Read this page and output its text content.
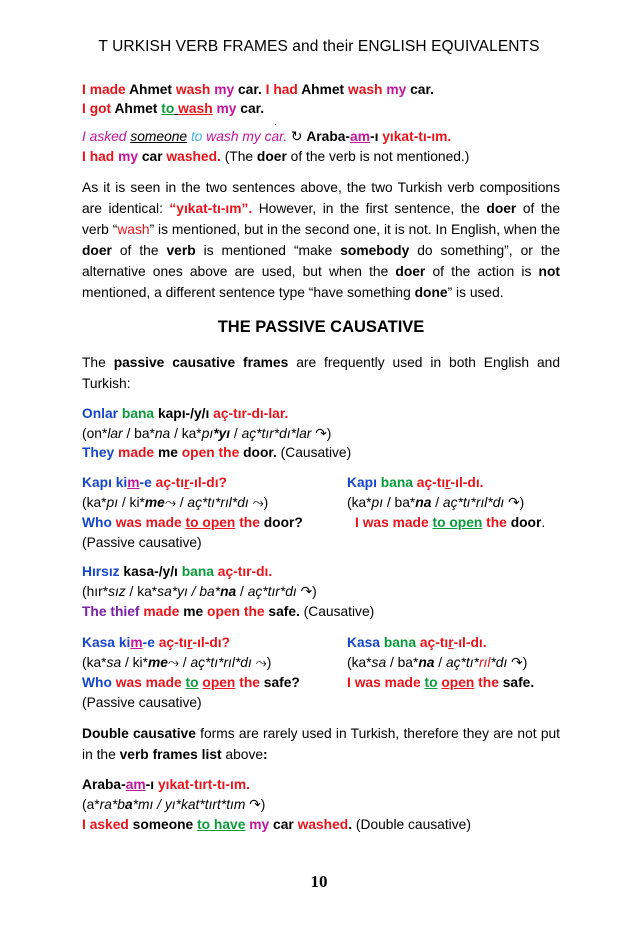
T URKISH VERB FRAMES and their ENGLISH EQUIVALENTS
I made Ahmet wash my car. I had Ahmet wash my car.
I got Ahmet to wash my car.
.
I asked someone to wash my car. ↻ Araba-am-ı yıkat-tı-ım.
I had my car washed. (The doer of the verb is not mentioned.)
As it is seen in the two sentences above, the two Turkish verb compositions are identical: “yıkat-tı-ım”. However, in the first sentence, the doer of the verb “wash” is mentioned, but in the second one, it is not. In English, when the doer of the verb is mentioned “make somebody do something”, or the alternative ones above are used, but when the doer of the action is not mentioned, a different sentence type “have something done” is used.
THE PASSIVE CAUSATIVE
The passive causative frames are frequently used in both English and Turkish:
Onlar bana kapı-/y/ı aç-tır-dı-lar.
(on*lar / ba*na / ka*pı*yı / aç*tır*dı*lar ↷)
They made me open the door. (Causative)
Kapı kim-e aç-tır-ıl-dı?
(ka*pı / ki*me⤳ / aç*tı*rıl*dı ⤳)
Who was made to open the door?
(Passive causative)
Kapı bana aç-tır-ıl-dı.
(ka*pı / ba*na / aç*tı*rıl*dı ↷)
I was made to open the door.
Hırsız kasa-/y/ı bana aç-tır-dı.
(hır*sız / ka*sa*yı / ba*na / aç*tır*dı ↷)
The thief made me open the safe. (Causative)
Kasa kim-e aç-tır-ıl-dı?
(ka*sa / ki*me⤳ / aç*tı*rıl*dı ⤳)
Who was made to open the safe?
(Passive causative)
Kasa bana aç-tır-ıl-dı.
(ka*sa / ba*na / aç*tı*rıl*dı ↷)
I was made to open the safe.
Double causative forms are rarely used in Turkish, therefore they are not put in the verb frames list above:
Araba-am-ı yıkat-tırt-tı-ım.
(a*ra*ba*mı / yı*kat*tırt*tım ↷)
I asked someone to have my car washed. (Double causative)
10
